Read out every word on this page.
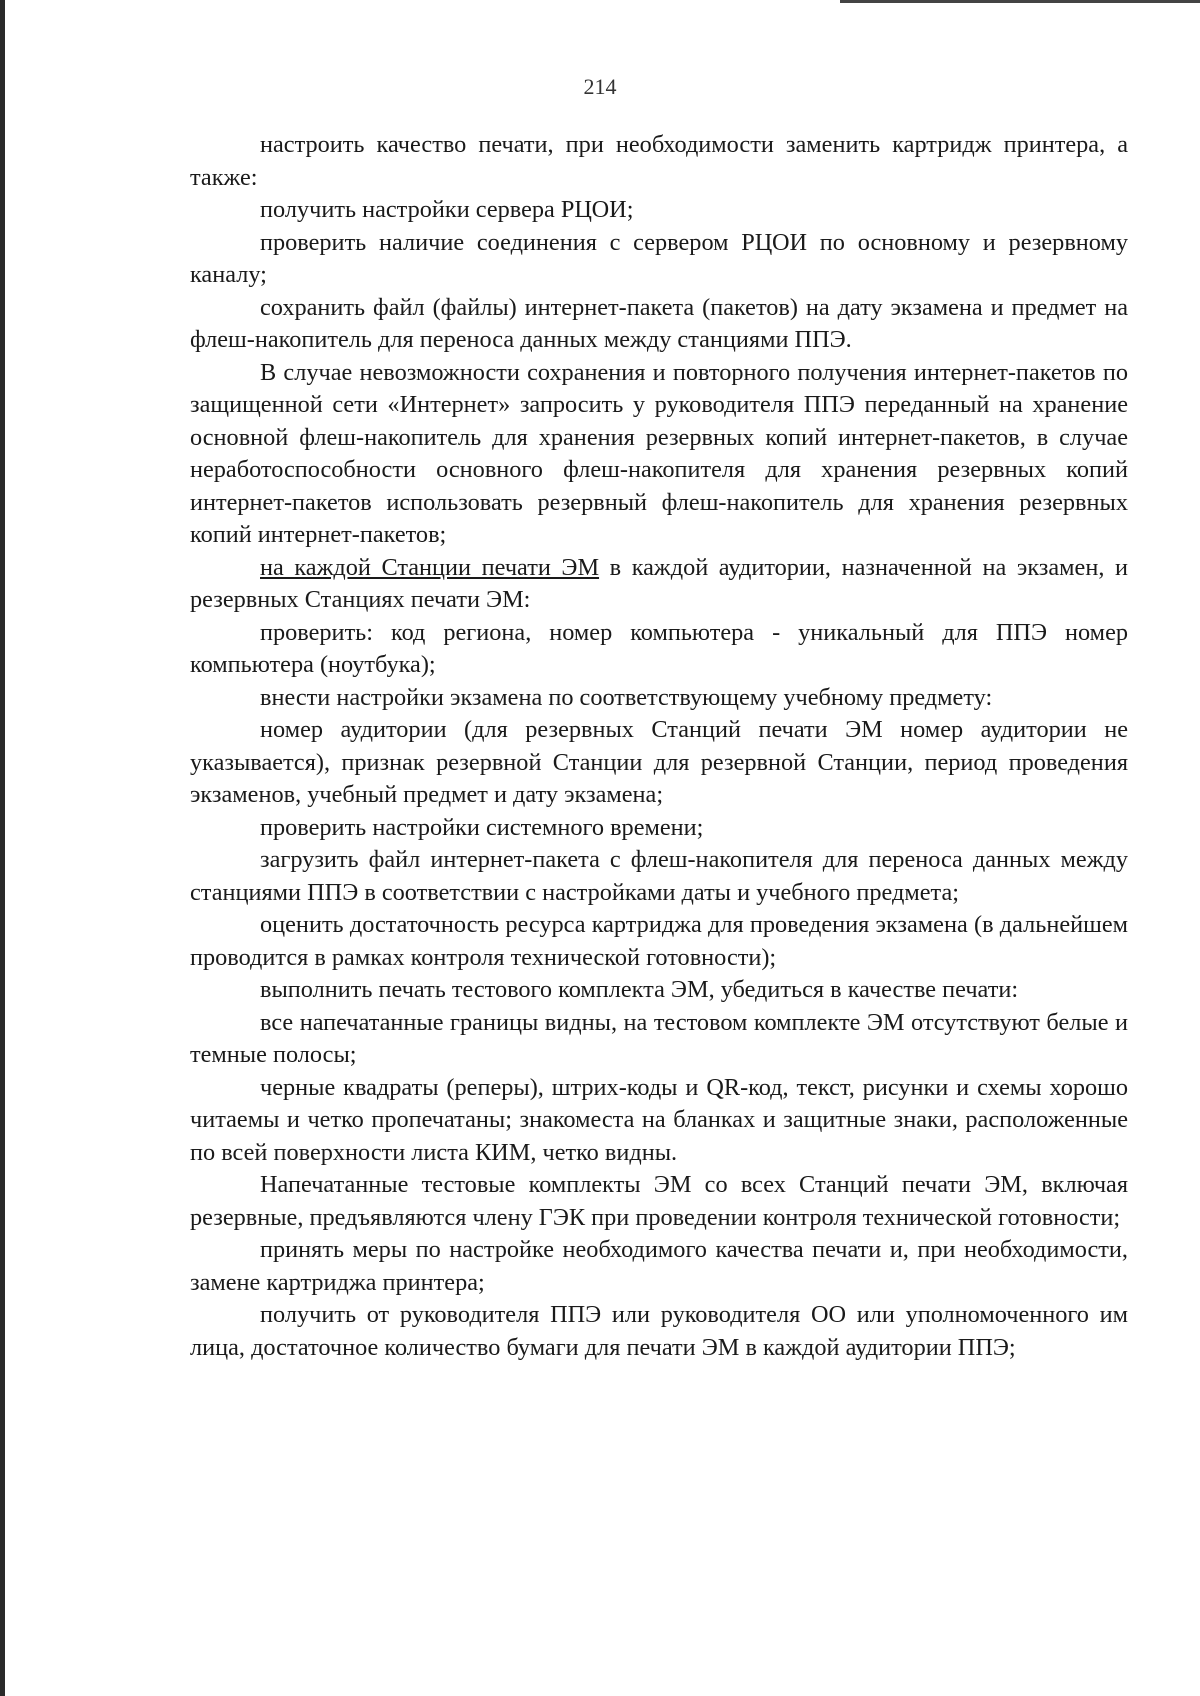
214

настроить качество печати, при необходимости заменить картридж принтера, а также:

получить настройки сервера РЦОИ;

проверить наличие соединения с сервером РЦОИ по основному и резервному каналу;

сохранить файл (файлы) интернет-пакета (пакетов) на дату экзамена и предмет на флеш-накопитель для переноса данных между станциями ППЭ.

В случае невозможности сохранения и повторного получения интернет-пакетов по защищенной сети «Интернет» запросить у руководителя ППЭ переданный на хранение основной флеш-накопитель для хранения резервных копий интернет-пакетов, в случае неработоспособности основного флеш-накопителя для хранения резервных копий интернет-пакетов использовать резервный флеш-накопитель для хранения резервных копий интернет-пакетов;

на каждой Станции печати ЭМ в каждой аудитории, назначенной на экзамен, и резервных Станциях печати ЭМ:

проверить: код региона, номер компьютера - уникальный для ППЭ номер компьютера (ноутбука);

внести настройки экзамена по соответствующему учебному предмету:

номер аудитории (для резервных Станций печати ЭМ номер аудитории не указывается), признак резервной Станции для резервной Станции, период проведения экзаменов, учебный предмет и дату экзамена;

проверить настройки системного времени;

загрузить файл интернет-пакета с флеш-накопителя для переноса данных между станциями ППЭ в соответствии с настройками даты и учебного предмета;

оценить достаточность ресурса картриджа для проведения экзамена (в дальнейшем проводится в рамках контроля технической готовности);

выполнить печать тестового комплекта ЭМ, убедиться в качестве печати:

все напечатанные границы видны, на тестовом комплекте ЭМ отсутствуют белые и темные полосы;

черные квадраты (реперы), штрих-коды и QR-код, текст, рисунки и схемы хорошо читаемы и четко пропечатаны; знакоместа на бланках и защитные знаки, расположенные по всей поверхности листа КИМ, четко видны.

Напечатанные тестовые комплекты ЭМ со всех Станций печати ЭМ, включая резервные, предъявляются члену ГЭК при проведении контроля технической готовности;

принять меры по настройке необходимого качества печати и, при необходимости, замене картриджа принтера;

получить от руководителя ППЭ или руководителя ОО или уполномоченного им лица, достаточное количество бумаги для печати ЭМ в каждой аудитории ППЭ;
